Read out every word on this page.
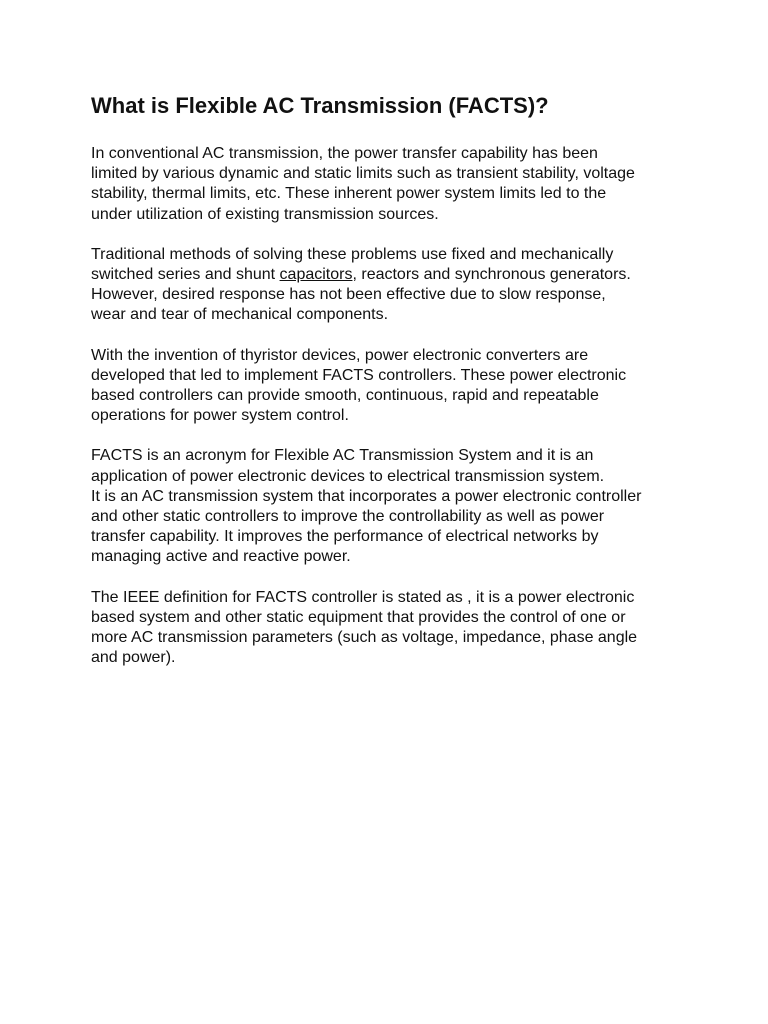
What is Flexible AC Transmission (FACTS)?

In conventional AC transmission, the power transfer capability has been
limited by various dynamic and static limits such as transient stability, voltage
stability, thermal limits, etc. These inherent power system limits led to the
under utilization of existing transmission sources.

Traditional methods of solving these problems use fixed and mechanically
switched series and shunt capacitors, reactors and synchronous generators.
However, desired response has not been effective due to slow response,
wear and tear of mechanical components.

With the invention of thyristor devices, power electronic converters are
developed that led to implement FACTS controllers. These power electronic
based controllers can provide smooth, continuous, rapid and repeatable
operations for power system control.

FACTS is an acronym for Flexible AC Transmission System and it is an
application of power electronic devices to electrical transmission system.
It is an AC transmission system that incorporates a power electronic controller
and other static controllers to improve the controllability as well as power
transfer capability. It improves the performance of electrical networks by
managing active and reactive power.

The IEEE definition for FACTS controller is stated as , it is a power electronic
based system and other static equipment that provides the control of one or
more AC transmission parameters (such as voltage, impedance, phase angle
and power).
